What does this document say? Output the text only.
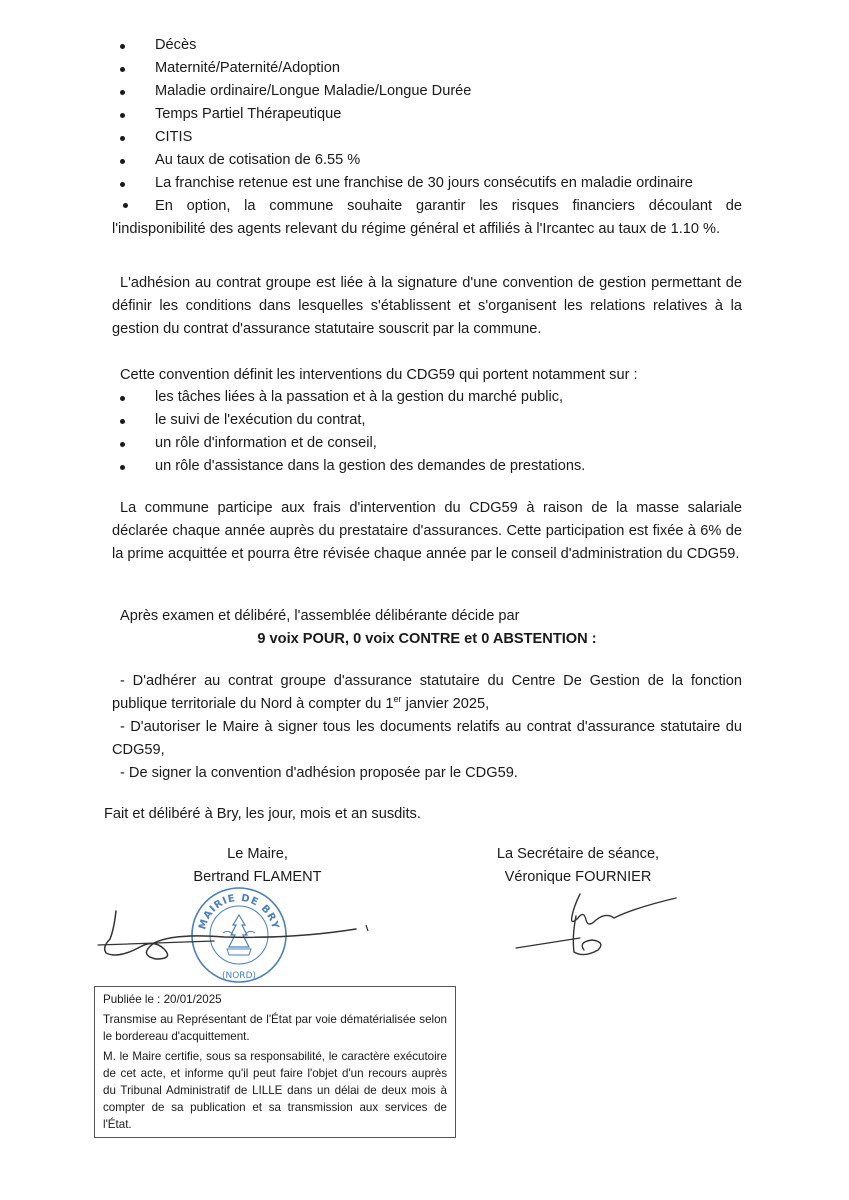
Décès
Maternité/Paternité/Adoption
Maladie ordinaire/Longue Maladie/Longue Durée
Temps Partiel Thérapeutique
CITIS
Au taux de cotisation de 6.55 %
La franchise retenue est une franchise de 30 jours consécutifs en maladie ordinaire
En option, la commune souhaite garantir les risques financiers découlant de l'indisponibilité des agents relevant du régime général et affiliés à l'Ircantec au taux de 1.10 %.

L'adhésion au contrat groupe est liée à la signature d'une convention de gestion permettant de définir les conditions dans lesquelles s'établissent et s'organisent les relations relatives à la gestion du contrat d'assurance statutaire souscrit par la commune.

Cette convention définit les interventions du CDG59 qui portent notamment sur :

les tâches liées à la passation et à la gestion du marché public,
le suivi de l'exécution du contrat,
un rôle d'information et de conseil,
un rôle d'assistance dans la gestion des demandes de prestations.

La commune participe aux frais d'intervention du CDG59 à raison de la masse salariale déclarée chaque année auprès du prestataire d'assurances. Cette participation est fixée à 6% de la prime acquittée et pourra être révisée chaque année par le conseil d'administration du CDG59.

Après examen et délibéré, l'assemblée délibérante décide par

9 voix POUR, 0 voix CONTRE et 0 ABSTENTION :

- D'adhérer au contrat groupe d'assurance statutaire du Centre De Gestion de la fonction publique territoriale du Nord à compter du 1er janvier 2025,

- D'autoriser le Maire à signer tous les documents relatifs au contrat d'assurance statutaire du CDG59,

- De signer la convention d'adhésion proposée par le CDG59.

Fait et délibéré à Bry, les jour, mois et an susdits.

Le Maire,
Bertrand FLAMENT
La Secrétaire de séance,
Véronique FOURNIER
MAIRIE DE BRY
(NORD)

Publiée le : 20/01/2025

Transmise au Représentant de l'État par voie dématérialisée selon le bordereau d'acquittement.

M. le Maire certifie, sous sa responsabilité, le caractère exécutoire de cet acte, et informe qu'il peut faire l'objet d'un recours auprès du Tribunal Administratif de LILLE dans un délai de deux mois à compter de sa publication et sa transmission aux services de l'État.
